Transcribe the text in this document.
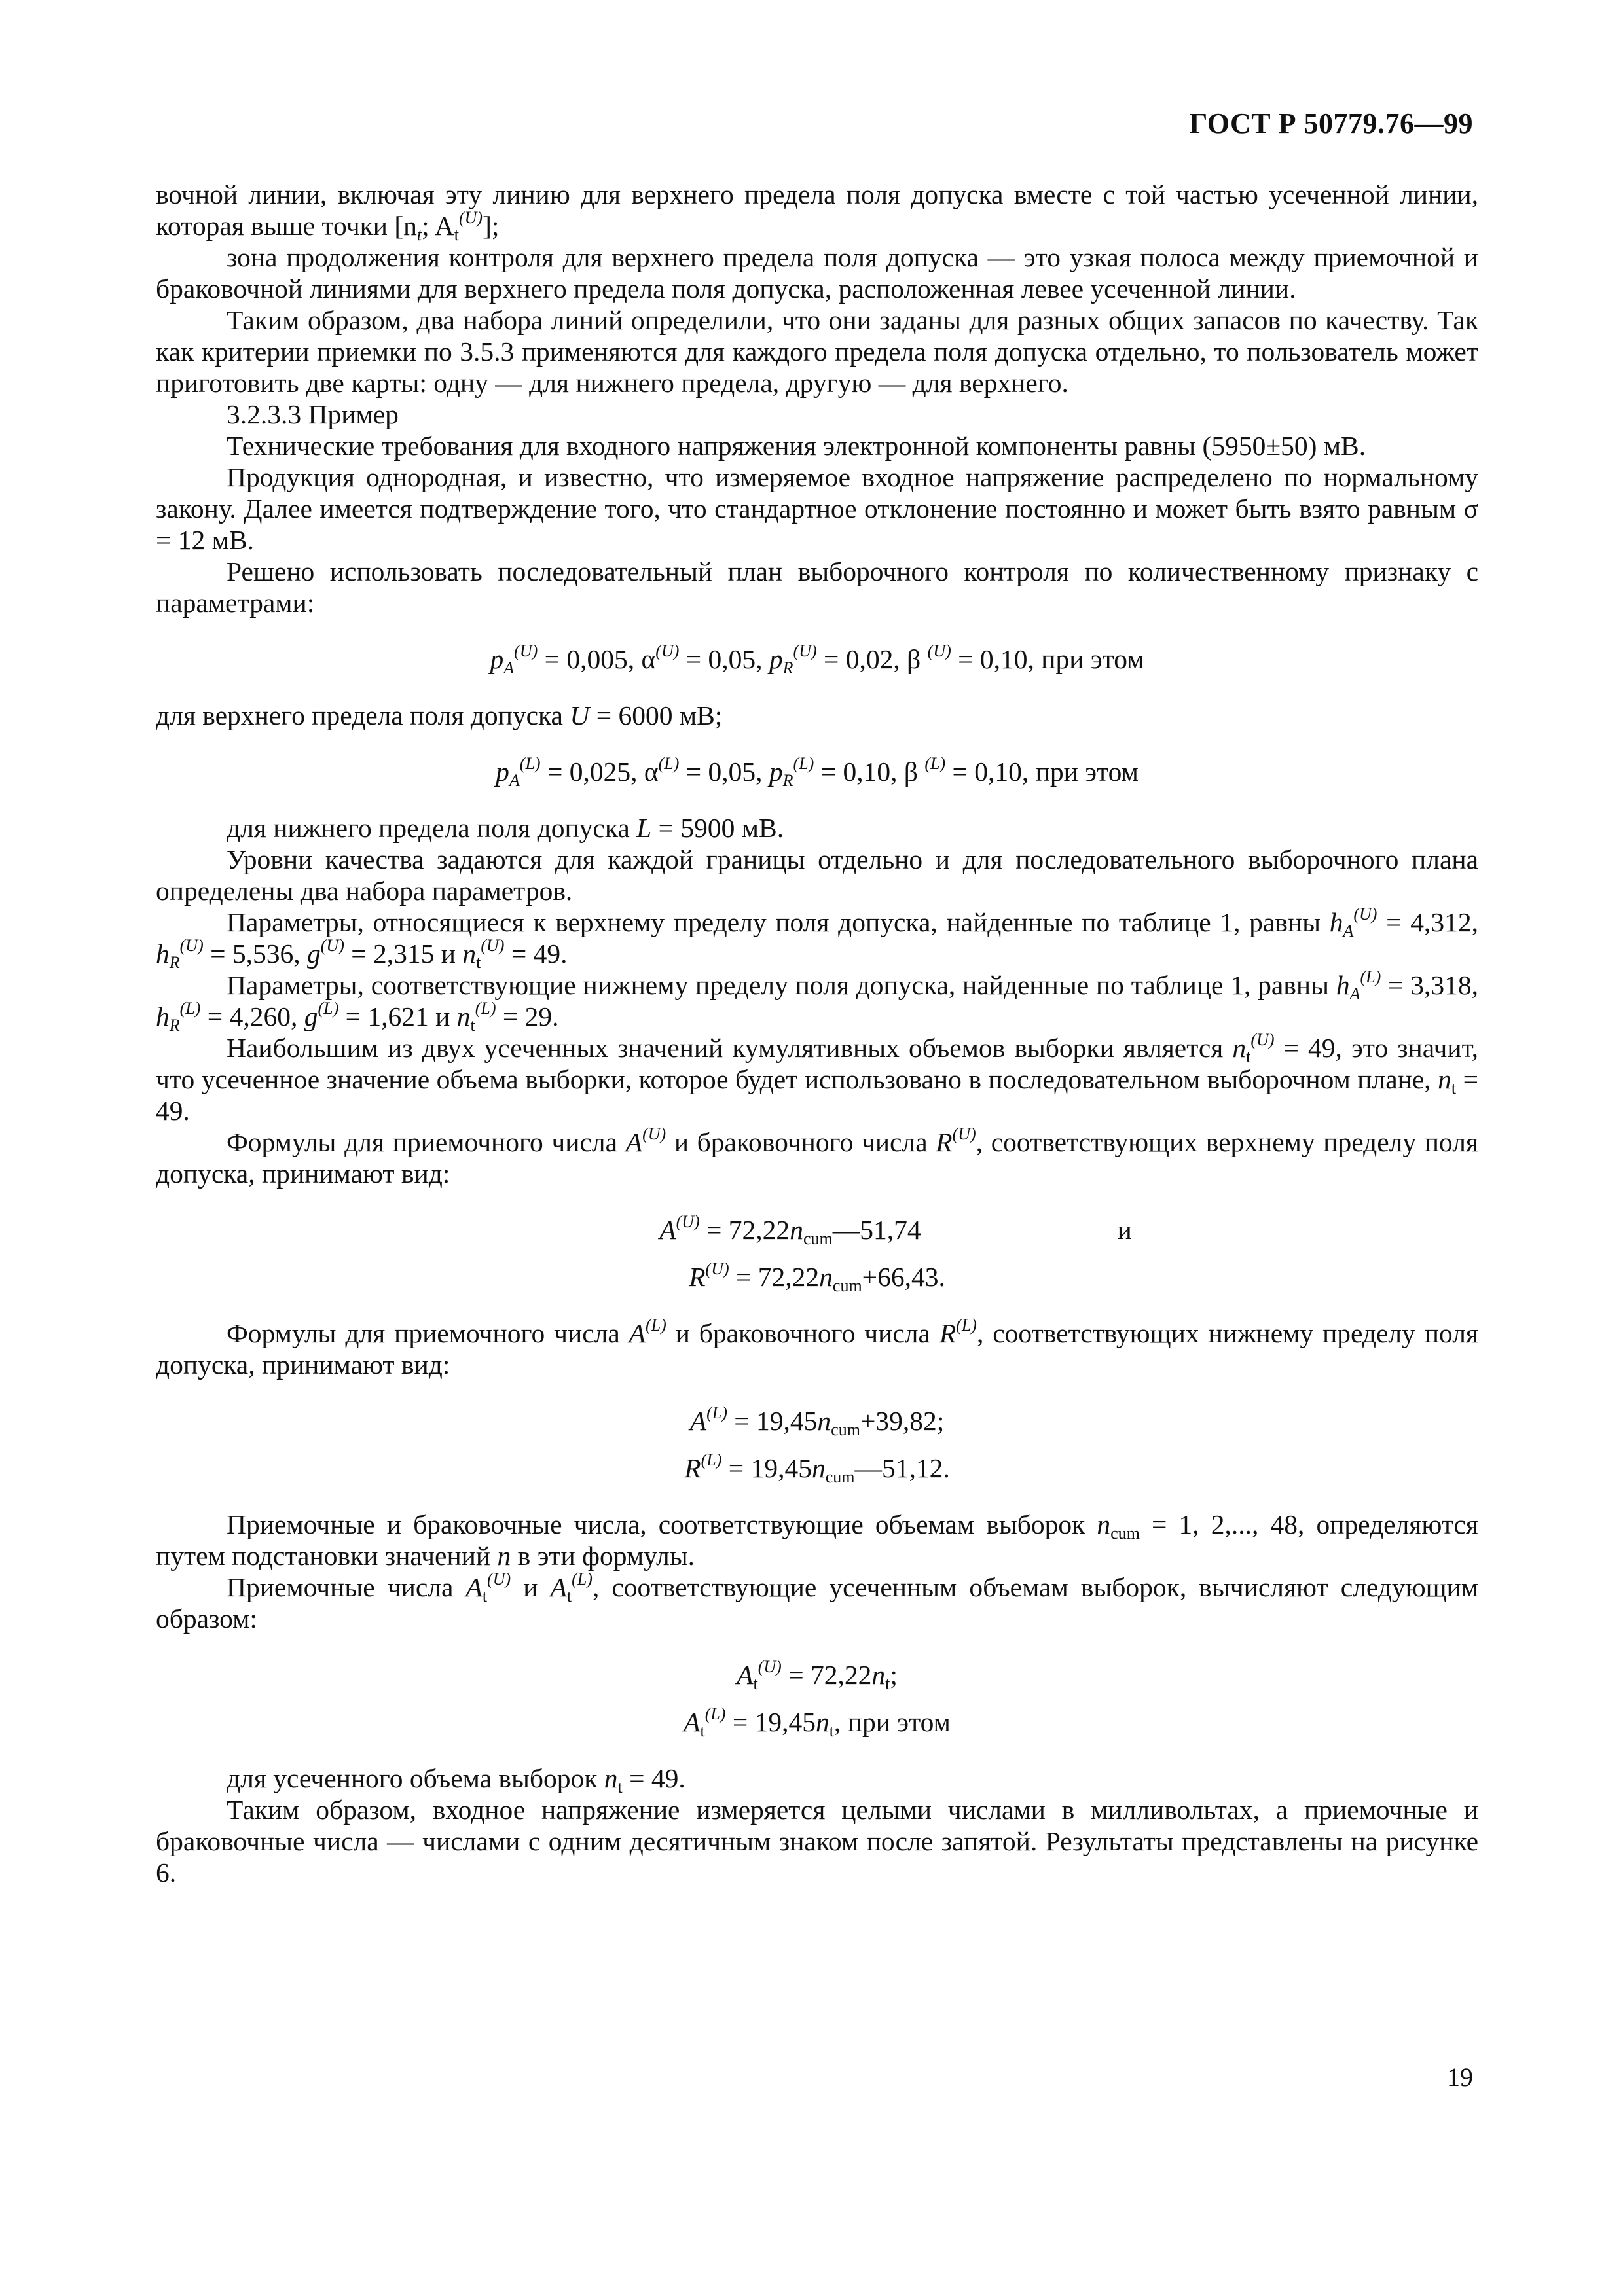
ГОСТ Р 50779.76—99

вочной линии, включая эту линию для верхнего предела поля допуска вместе с той частью усеченной линии, которая выше точки [$n_t$; $A_t^{(U)}$];

зона продолжения контроля для верхнего предела поля допуска — это узкая полоса между приемочной и браковочной линиями для верхнего предела поля допуска, расположенная левее усеченной линии.

Таким образом, два набора линий определили, что они заданы для разных общих запасов по качеству. Так как критерии приемки по 3.5.3 применяются для каждого предела поля допуска отдельно, то пользователь может приготовить две карты: одну — для нижнего предела, другую — для верхнего.

3.2.3.3 Пример

Технические требования для входного напряжения электронной компоненты равны (5950±50) мВ.

Продукция однородная, и известно, что измеряемое входное напряжение распределено по нормальному закону. Далее имеется подтверждение того, что стандартное отклонение постоянно и может быть взято равным σ = 12 мВ.

Решено использовать последовательный план выборочного контроля по количественному признаку с параметрами:

$p_A^{(U)} = 0,005$, $\alpha^{(U)} = 0,05$, $p_R^{(U)} = 0,02$, β $^{(U)}$ = 0,10, при этом

для верхнего предела поля допуска U = 6000 мВ;

$p_A^{(L)} = 0,025$, $\alpha^{(L)} = 0,05$, $p_R^{(L)} = 0,10$, β $^{(L)}$ = 0,10, при этом

для нижнего предела поля допуска L = 5900 мВ.

Уровни качества задаются для каждой границы отдельно и для последовательного выборочного плана определены два набора параметров.

Параметры, относящиеся к верхнему пределу поля допуска, найденные по таблице 1, равны $h_A^{(U)} = 4,312$, $h_R^{(U)} = 5,536$, $g^{(U)} = 2,315$ и $n_t^{(U)} = 49$.

Параметры, соответствующие нижнему пределу поля допуска, найденные по таблице 1, равны $h_A^{(L)} = 3,318$, $h_R^{(L)} = 4,260$, $g^{(L)} = 1,621$ и $n_t^{(L)} = 29$.

Наибольшим из двух усеченных значений кумулятивных объемов выборки является $n_t^{(U)} = 49$, это значит, что усеченное значение объема выборки, которое будет использовано в последовательном выборочном плане, $n_t = 49$.

Формулы для приемочного числа $A^{(U)}$ и браковочного числа $R^{(U)}$, соответствующих верхнему пределу поля допуска, принимают вид:

$A^{(U)}$ = $72,22n_{cum}—51,74$	и

$R^{(U)} = 72,22n_{cum}+66,43$.

Формулы для приемочного числа $A^{(L)}$ и браковочного числа $R^{(L)}$, соответствующих нижнему пределу поля допуска, принимают вид:

$A^{(L)} = 19,45n_{cum}+39,82$;

$R^{(L)}$ = $19,45n_{cum}—51,12$.

Приемочные и браковочные числа, соответствующие объемам выборок $n_{cum} = 1$, 2,..., 48, определяются путем подстановки значений n в эти формулы.

Приемочные числа $A_t^{(U)}$ и $A_t^{(L)}$, соответствующие усеченным объемам выборок, вычисляют следующим образом:

$A_t^{(U)} = 72,22n_t$;

$A_t^{(L)} = 19,45n_t$, при этом

для усеченного объема выборок $n_t = 49$.

Таким образом, входное напряжение измеряется целыми числами в милливольтах, а приемочные и браковочные числа — числами с одним десятичным знаком после запятой. Результаты представлены на рисунке 6.

19
